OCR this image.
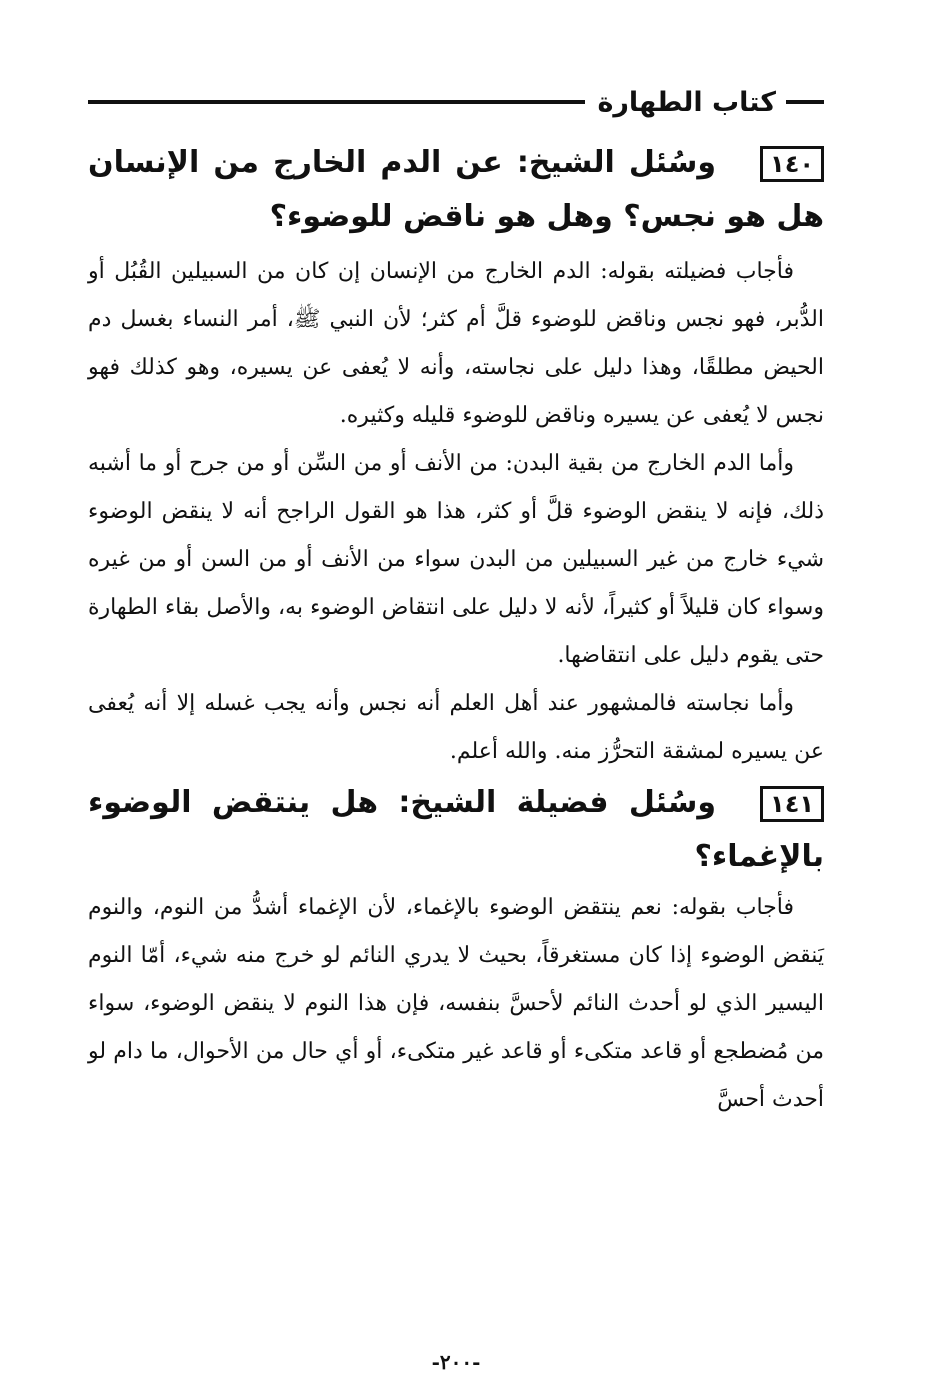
كتاب الطهارة

١٤٠وسُئل الشيخ: عن الدم الخارج من الإنسان هل هو نجس؟ وهل هو ناقض للوضوء؟

فأجاب فضيلته بقوله: الدم الخارج من الإنسان إن كان من السبيلين القُبُل أو الدُّبر، فهو نجس وناقض للوضوء قلَّ أم كثر؛ لأن النبي ﷺ، أمر النساء بغسل دم الحيض مطلقًا، وهذا دليل على نجاسته، وأنه لا يُعفى عن يسيره، وهو كذلك فهو نجس لا يُعفى عن يسيره وناقض للوضوء قليله وكثيره.

وأما الدم الخارج من بقية البدن: من الأنف أو من السِّن أو من جرح أو ما أشبه ذلك، فإنه لا ينقض الوضوء قلَّ أو كثر، هذا هو القول الراجح أنه لا ينقض الوضوء شيء خارج من غير السبيلين من البدن سواء من الأنف أو من السن أو من غيره وسواء كان قليلاً أو كثيراً، لأنه لا دليل على انتقاض الوضوء به، والأصل بقاء الطهارة حتى يقوم دليل على انتقاضها.

وأما نجاسته فالمشهور عند أهل العلم أنه نجس وأنه يجب غسله إلا أنه يُعفى عن يسيره لمشقة التحرُّز منه. والله أعلم.

١٤١وسُئل فضيلة الشيخ: هل ينتقض الوضوء بالإغماء؟

فأجاب بقوله: نعم ينتقض الوضوء بالإغماء، لأن الإغماء أشدُّ من النوم، والنوم يَنقض الوضوء إذا كان مستغرقاً، بحيث لا يدري النائم لو خرج منه شيء، أمّا النوم اليسير الذي لو أحدث النائم لأحسَّ بنفسه، فإن هذا النوم لا ينقض الوضوء، سواء من مُضطجع أو قاعد متكىء أو قاعد غير متكىء، أو أي حال من الأحوال، ما دام لو أحدث أحسَّ

-٢٠٠-
